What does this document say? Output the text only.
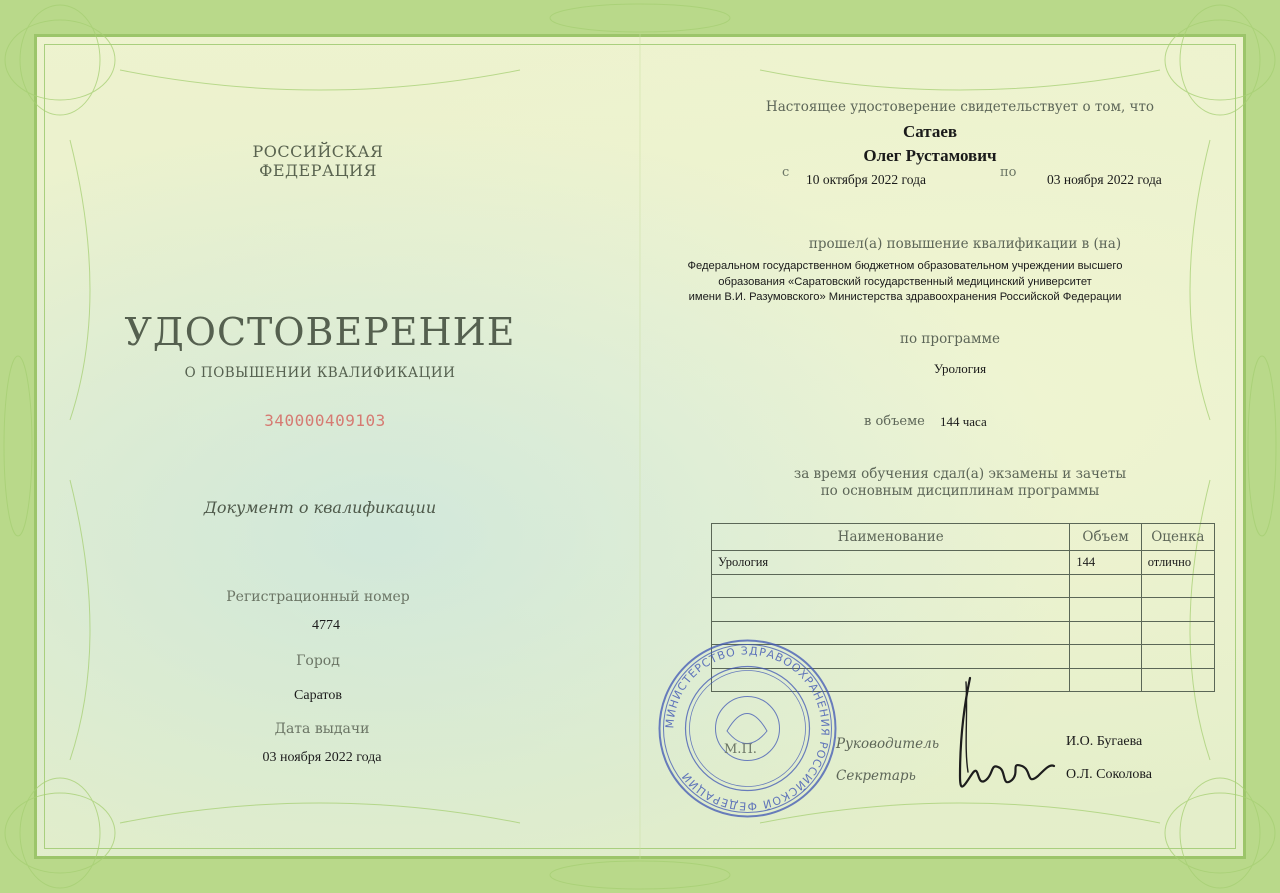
РОССИЙСКАЯ ФЕДЕРАЦИЯ
УДОСТОВЕРЕНИЕ
О ПОВЫШЕНИИ КВАЛИФИКАЦИИ
340000409103
Документ о квалификации
Регистрационный номер
4774
Город
Саратов
Дата выдачи
03 ноября 2022 года
Настоящее удостоверение свидетельствует о том, что
Сатаев
Олег Рустамович
с 10 октября 2022 года	по 03 ноября 2022 года
прошел(а) повышение квалификации в (на)
Федеральном государственном бюджетном образовательном учреждении высшего
образования «Саратовский государственный медицинский университет
имени В.И. Разумовского» Министерства здравоохранения Российской Федерации
по программе
Урология
в объеме 144 часа
за время обучения сдал(а) экзамены и зачеты
по основным дисциплинам программы
Наименование	Объем	Оценка
Урология	144	отлично

МИНИСТЕРСТВО ЗДРАВООХРАНЕНИЯ РОССИЙСКОЙ ФЕДЕРАЦИИ
М.П.	Руководитель	И.О. Бугаева
Секретарь	О.Л. Соколова
